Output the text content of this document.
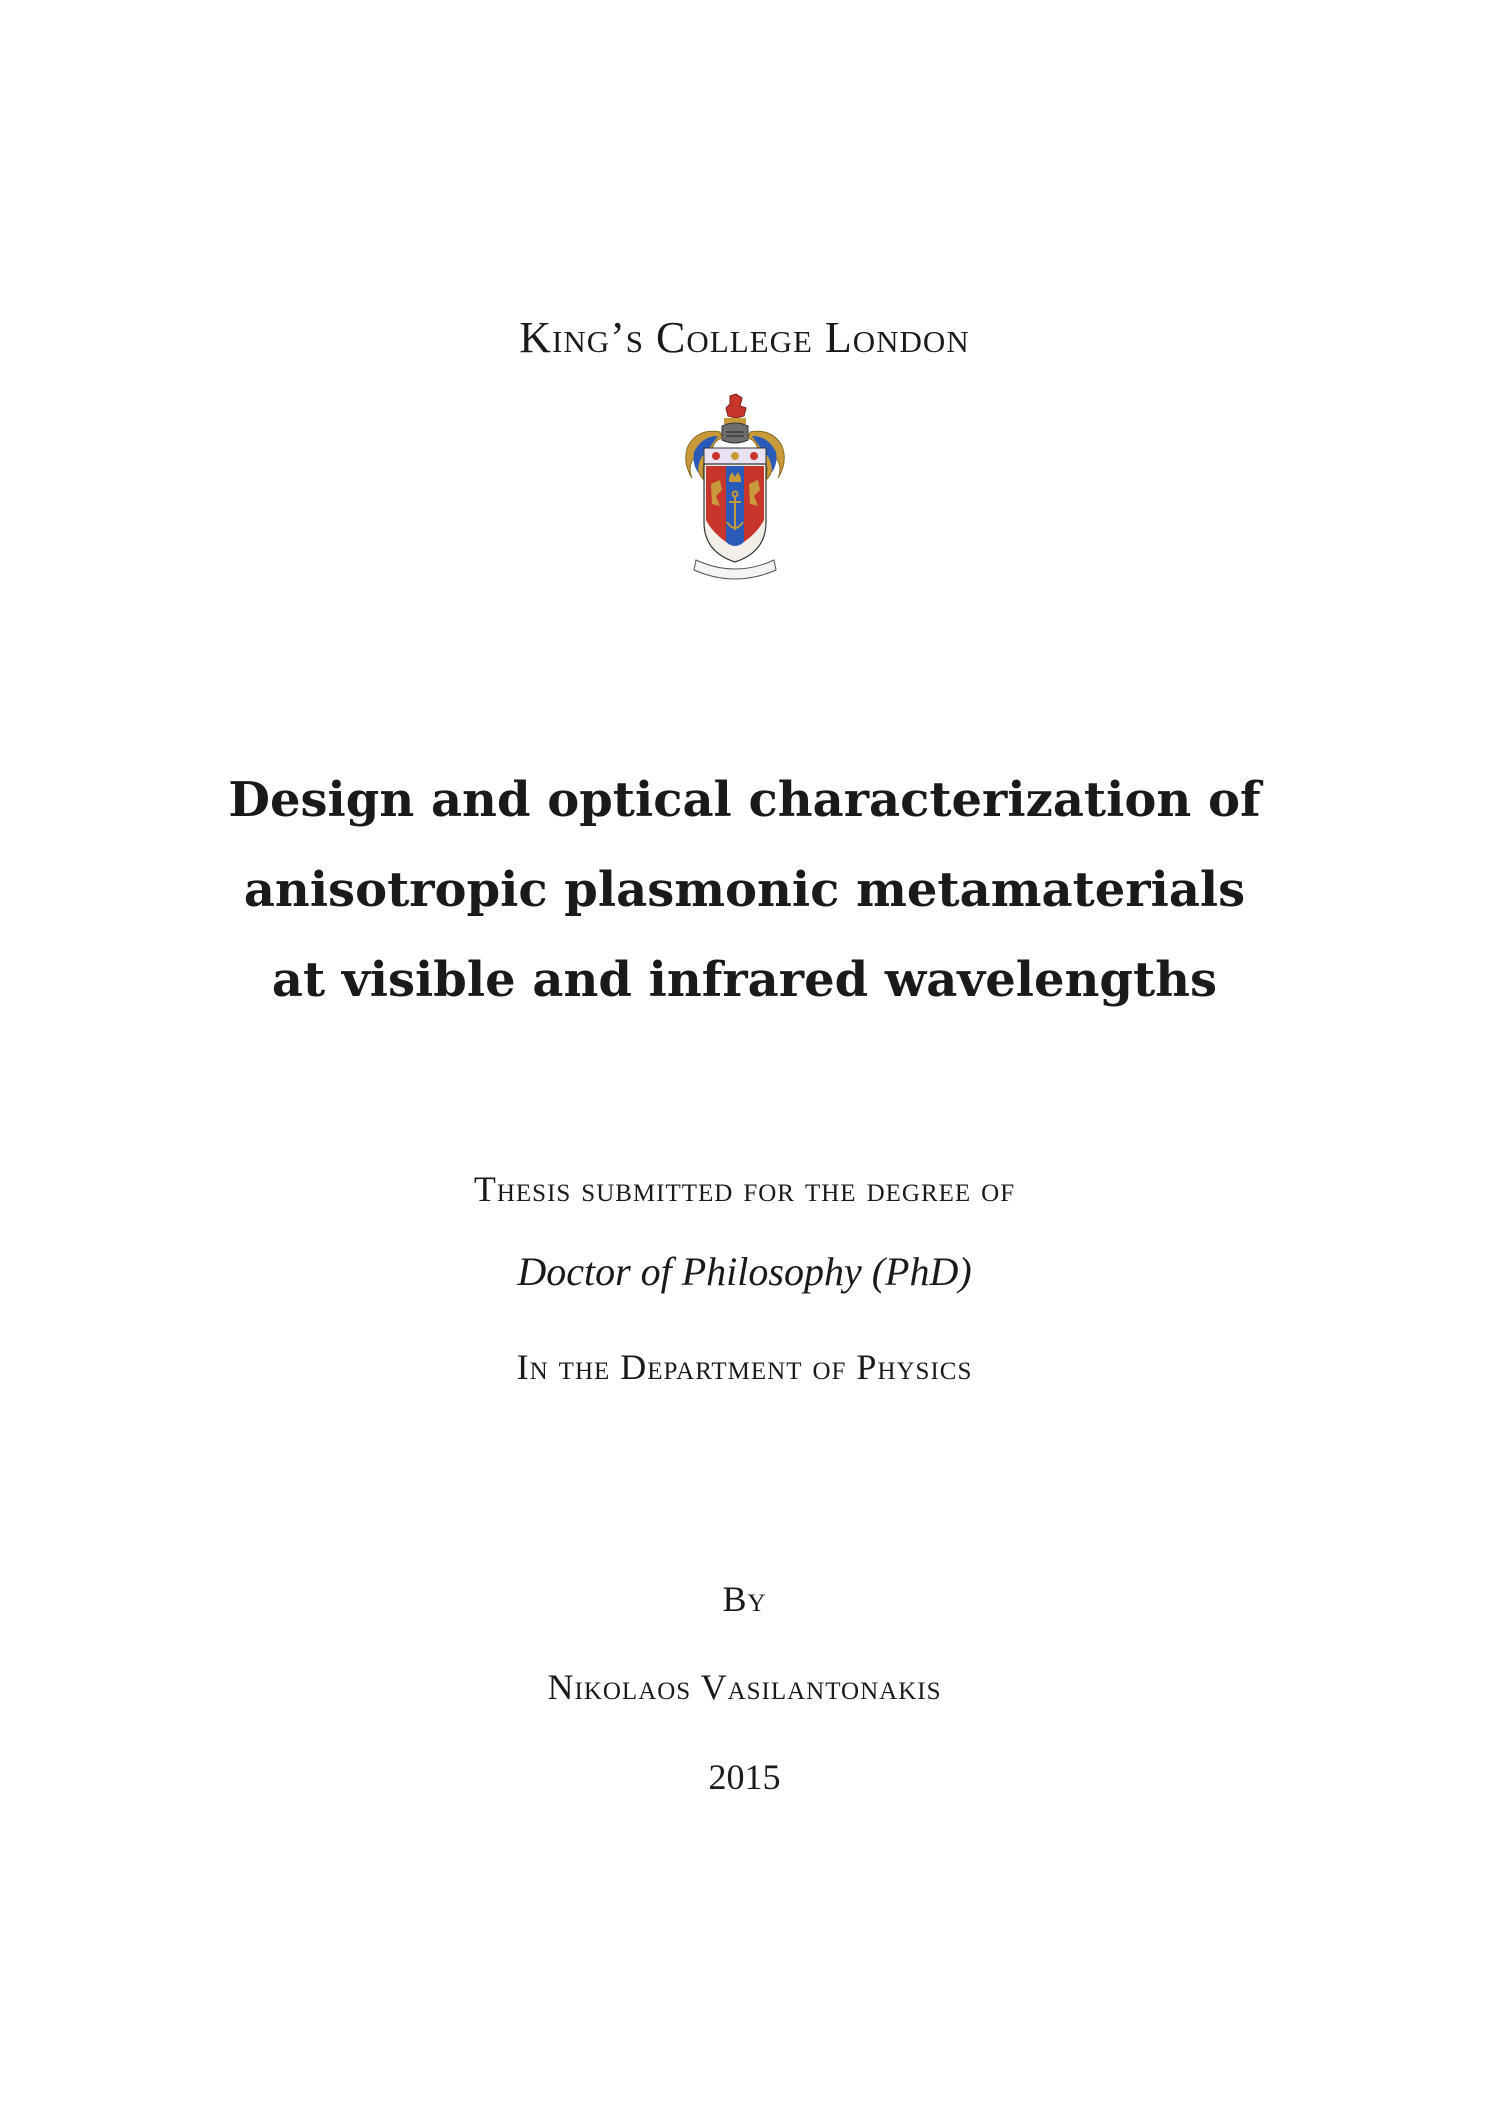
King’s College London
Design and optical characterization of
anisotropic plasmonic metamaterials
at visible and infrared wavelengths
Thesis submitted for the degree of
Doctor of Philosophy (PhD)
In the Department of Physics
By
Nikolaos Vasilantonakis
2015
